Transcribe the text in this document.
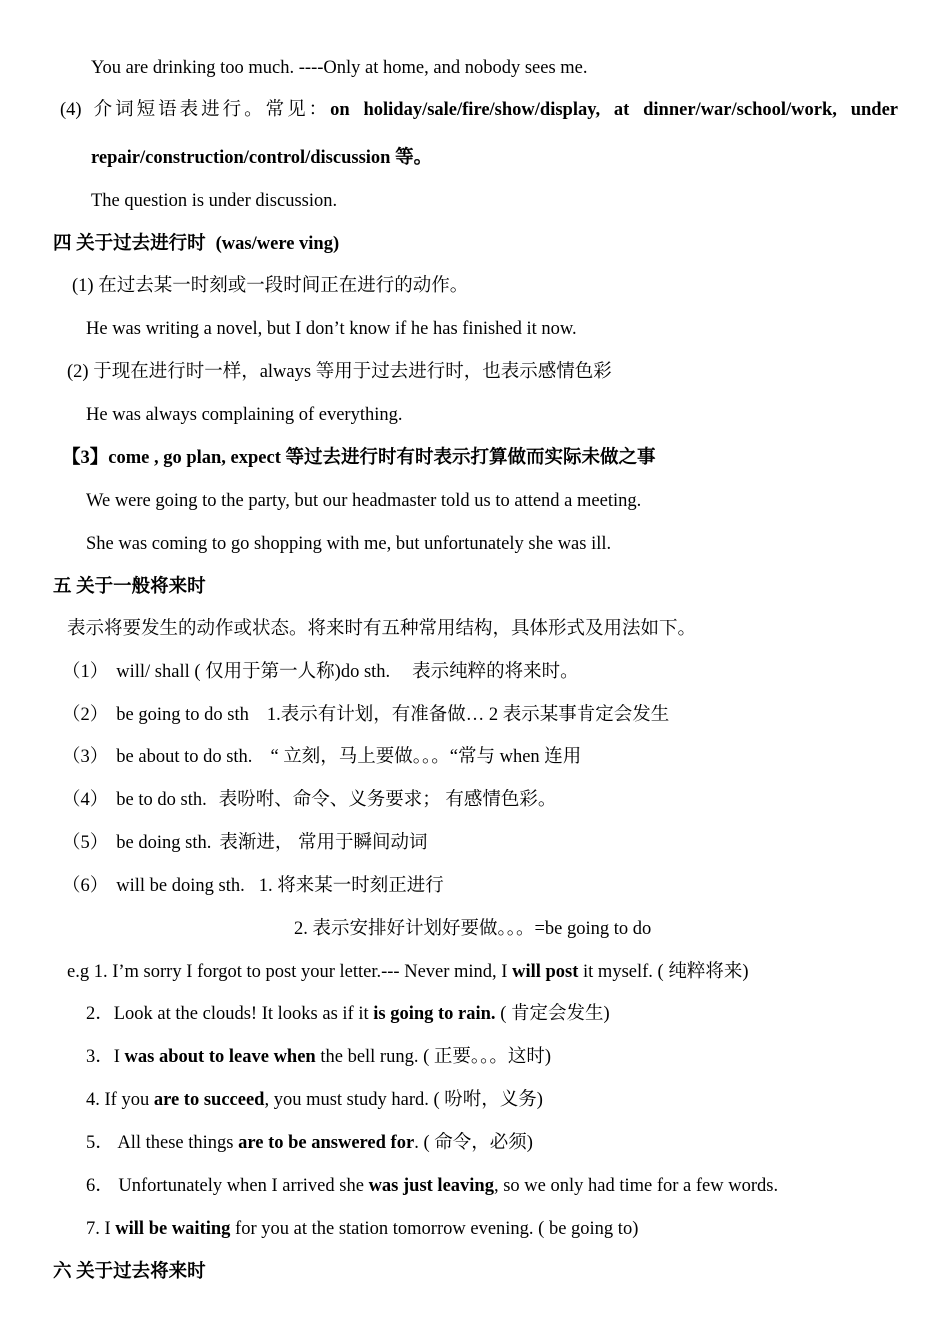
You are drinking too much. ----Only at home, and nobody sees me.
(4) 介词短语表进行。常见： on holiday/sale/fire/show/display, at dinner/war/school/work, under
repair/construction/control/discussion 等。
The question is under discussion.
四 关于过去进行时 (was/were ving)
(1) 在过去某一时刻或一段时间正在进行的动作。
He was writing a novel, but I don’t know if he has finished it now.
(2) 于现在进行时一样，always 等用于过去进行时，也表示感情色彩
He was always complaining of everything.
【3】come , go plan, expect 等过去进行时有时表示打算做而实际未做之事
We were going to the party, but our headmaster told us to attend a meeting.
She was coming to go shopping with me, but unfortunately she was ill.
五 关于一般将来时
表示将要发生的动作或状态。将来时有五种常用结构，具体形式及用法如下。
（1） will/ shall ( 仅用于第一人称)do sth. 表示纯粹的将来时。
（2） be going to do sth 1.表示有计划，有准备做… 2 表示某事肯定会发生
（3） be about to do sth. “ 立刻，马上要做。。。“常与 when 连用
（4） be to do sth. 表吩咐、命令、义务要求； 有感情色彩。
（5） be doing sth. 表渐进， 常用于瞬间动词
（6） will be doing sth. 1. 将来某一时刻正进行
2. 表示安排好计划好要做。。。=be going to do
e.g 1. I’m sorry I forgot to post your letter.--- Never mind, I will post it myself. ( 纯粹将来)
2．Look at the clouds! It looks as if it is going to rain. ( 肯定会发生)
3．I was about to leave when the bell rung. ( 正要。。。这时)
4. If you are to succeed, you must study hard. ( 吩咐，义务)
5． All these things are to be answered for. ( 命令，必须)
6． Unfortunately when I arrived she was just leaving, so we only had time for a few words.
7. I will be waiting for you at the station tomorrow evening. ( be going to)
六 关于过去将来时
